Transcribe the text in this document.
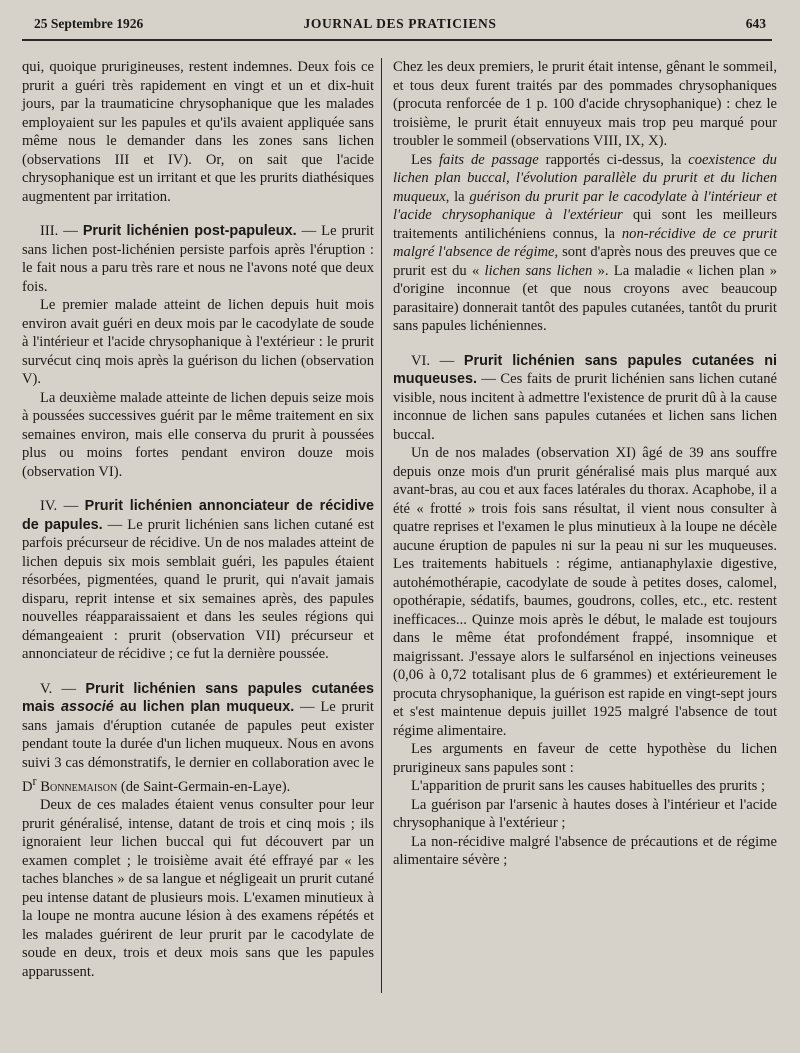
25 Septembre 1926	JOURNAL DES PRATICIENS	643

qui, quoique prurigineuses, restent indemnes. Deux fois ce prurit a guéri très rapidement en vingt et un et dix-huit jours, par la traumaticine chrysophanique que les malades employaient sur les papules et qu'ils avaient appliquée sans même nous le demander dans les zones sans lichen (observations III et IV). Or, on sait que l'acide chrysophanique est un irritant et que les prurits diathésiques augmentent par irritation.

III. — Prurit lichénien post-papuleux. — Le prurit sans lichen post-lichénien persiste parfois après l'éruption : le fait nous a paru très rare et nous ne l'avons noté que deux fois.

Le premier malade atteint de lichen depuis huit mois environ avait guéri en deux mois par le cacodylate de soude à l'intérieur et l'acide chrysophanique à l'extérieur : le prurit survécut cinq mois après la guérison du lichen (observation V).

La deuxième malade atteinte de lichen depuis seize mois à poussées successives guérit par le même traitement en six semaines environ, mais elle conserva du prurit à poussées plus ou moins fortes pendant environ douze mois (observation VI).

IV. — Prurit lichénien annonciateur de récidive de papules. — Le prurit lichénien sans lichen cutané est parfois précurseur de récidive. Un de nos malades atteint de lichen depuis six mois semblait guéri, les papules étaient résorbées, pigmentées, quand le prurit, qui n'avait jamais disparu, reprit intense et six semaines après, des papules nouvelles réapparaissaient et dans les seules régions qui démangeaient : prurit (observation VII) précurseur et annonciateur de récidive ; ce fut la dernière poussée.

V. — Prurit lichénien sans papules cutanées mais associé au lichen plan muqueux. — Le prurit sans jamais d'éruption cutanée de papules peut exister pendant toute la durée d'un lichen muqueux. Nous en avons suivi 3 cas démonstratifs, le dernier en collaboration avec le $D^r$ Bonnemaison (de Saint-Germain-en-Laye).

Deux de ces malades étaient venus consulter pour leur prurit généralisé, intense, datant de trois et cinq mois ; ils ignoraient leur lichen buccal qui fut découvert par un examen complet ; le troisième avait été effrayé par « les taches blanches » de sa langue et négligeait un prurit cutané peu intense datant de plusieurs mois. L'examen minutieux à la loupe ne montra aucune lésion à des examens répétés et les malades guérirent de leur prurit par le cacodylate de soude en deux, trois et deux mois sans que les papules apparussent.

Chez les deux premiers, le prurit était intense, gênant le sommeil, et tous deux furent traités par des pommades chrysophaniques (procuta renforcée de 1 p. 100 d'acide chrysophanique) : chez le troisième, le prurit était ennuyeux mais trop peu marqué pour troubler le sommeil (observations VIII, IX, X).

Les faits de passage rapportés ci-dessus, la coexistence du lichen plan buccal, l'évolution parallèle du prurit et du lichen muqueux, la guérison du prurit par le cacodylate à l'intérieur et l'acide chrysophanique à l'extérieur qui sont les meilleurs traitements antilichéniens connus, la non-récidive de ce prurit malgré l'absence de régime, sont d'après nous des preuves que ce prurit est du « lichen sans lichen ». La maladie « lichen plan » d'origine inconnue (et que nous croyons avec beaucoup parasitaire) donnerait tantôt des papules cutanées, tantôt du prurit sans papules lichéniennes.

VI. — Prurit lichénien sans papules cutanées ni muqueuses. — Ces faits de prurit lichénien sans lichen cutané visible, nous incitent à admettre l'existence de prurit dû à la cause inconnue de lichen sans papules cutanées et lichen sans lichen buccal.

Un de nos malades (observation XI) âgé de 39 ans souffre depuis onze mois d'un prurit généralisé mais plus marqué aux avant-bras, au cou et aux faces latérales du thorax. Acaphobe, il a été « frotté » trois fois sans résultat, il vient nous consulter à quatre reprises et l'examen le plus minutieux à la loupe ne décèle aucune éruption de papules ni sur la peau ni sur les muqueuses. Les traitements habituels : régime, antianaphylaxie digestive, autohémothérapie, cacodylate de soude à petites doses, calomel, opothérapie, sédatifs, baumes, goudrons, colles, etc., etc. restent inefficaces... Quinze mois après le début, le malade est toujours dans le même état profondément frappé, insomnique et maigrissant. J'essaye alors le sulfarsénol en injections veineuses (0,06 à 0,72 totalisant plus de 6 grammes) et extérieurement le procuta chrysophanique, la guérison est rapide en vingt-sept jours et s'est maintenue depuis juillet 1925 malgré l'absence de tout régime alimentaire.

Les arguments en faveur de cette hypothèse du lichen prurigineux sans papules sont :

L'apparition de prurit sans les causes habituelles des prurits ;

La guérison par l'arsenic à hautes doses à l'intérieur et l'acide chrysophanique à l'extérieur ;

La non-récidive malgré l'absence de précautions et de régime alimentaire sévère ;
